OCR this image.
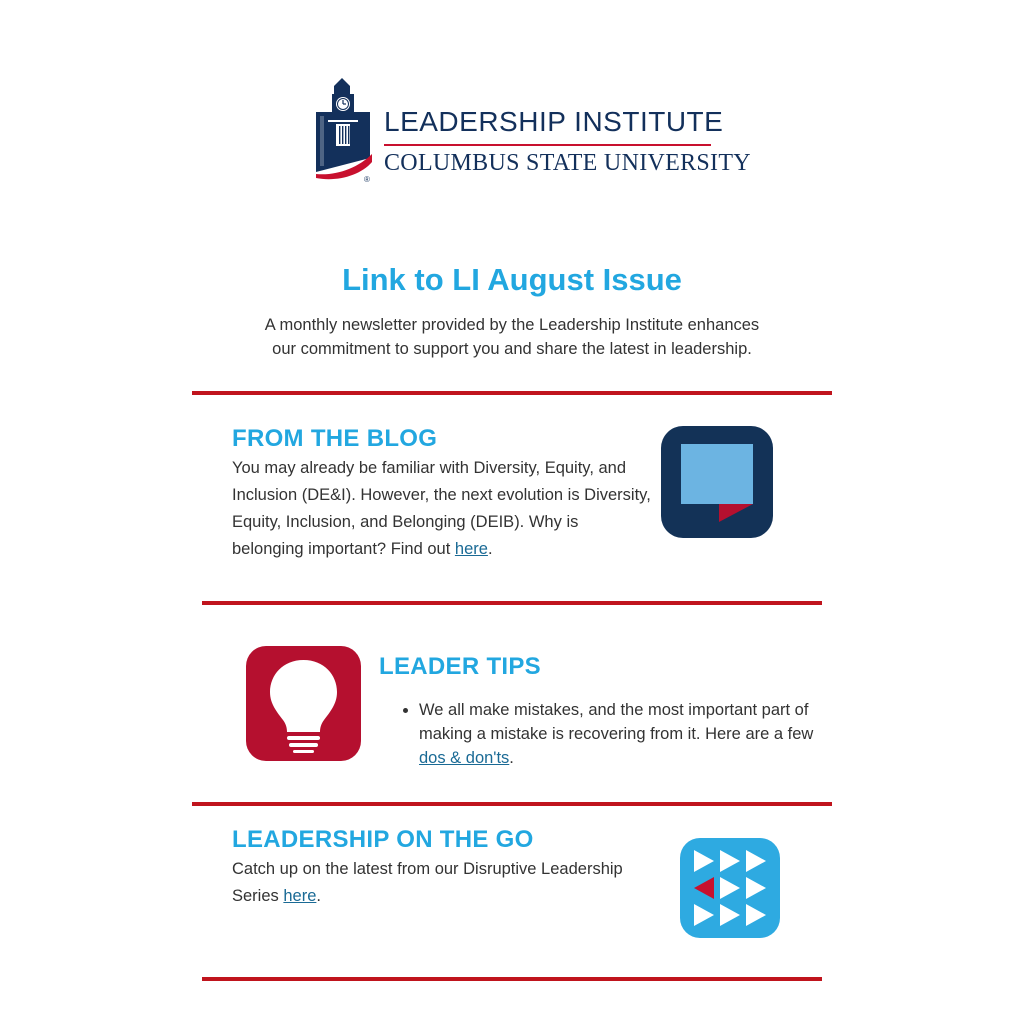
®
LEADERSHIP INSTITUTE
COLUMBUS STATE UNIVERSITY
Link to LI August Issue

A monthly newsletter provided by the Leadership Institute enhances our commitment to support you and share the latest in leadership.

FROM THE BLOG

You may already be familiar with Diversity, Equity, and Inclusion (DE&I). However, the next evolution is Diversity, Equity, Inclusion, and Belonging (DEIB). Why is belonging important? Find out here.

LEADER TIPS
• We all make mistakes, and the most important part of making a mistake is recovering from it. Here are a few dos & don'ts.
LEADERSHIP ON THE GO

Catch up on the latest from our Disruptive Leadership Series here.
